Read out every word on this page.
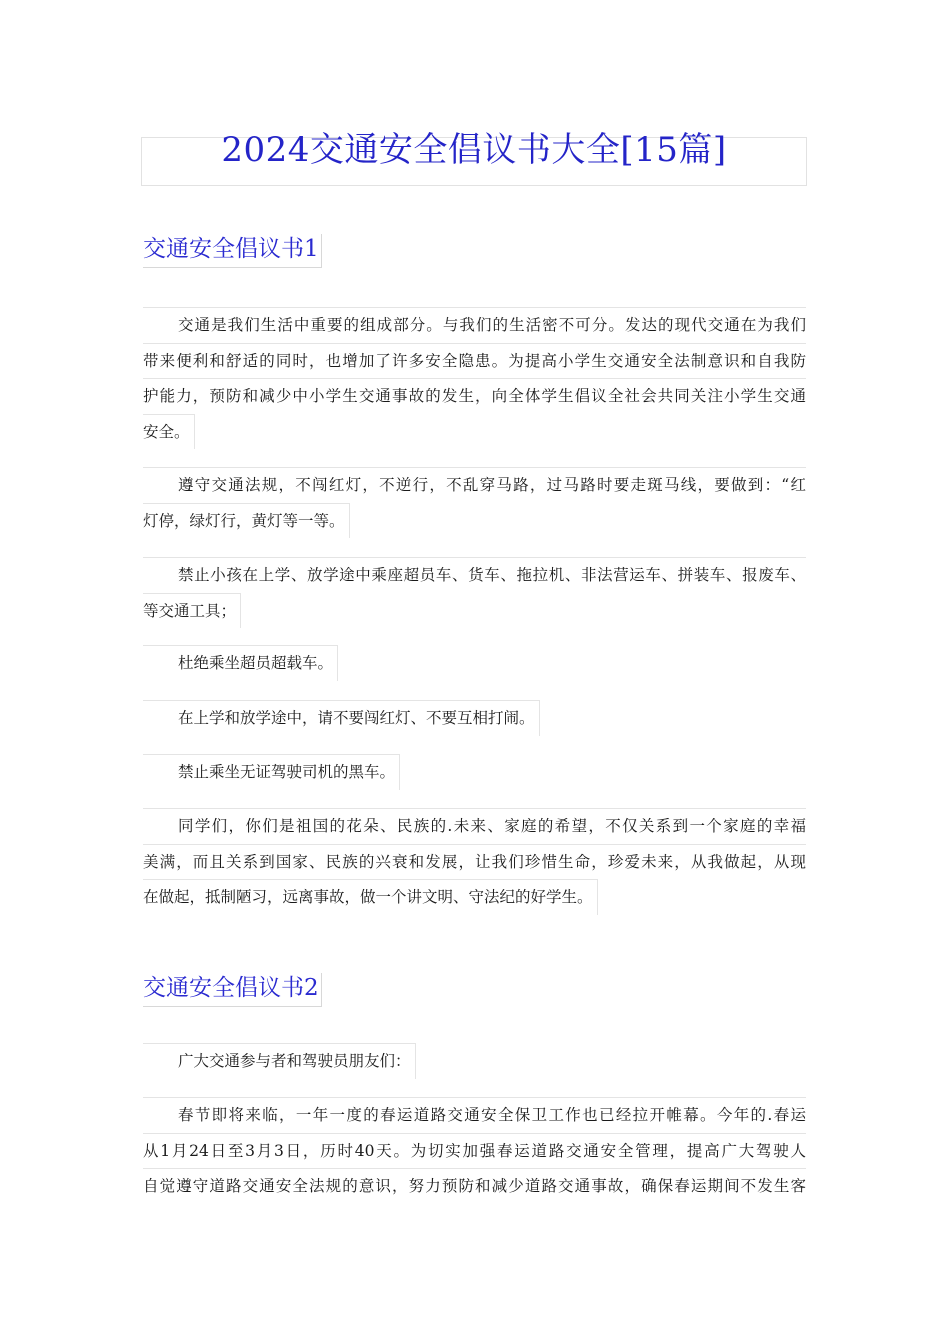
2024交通安全倡议书大全[15篇]
交通安全倡议书1
交通是我们生活中重要的组成部分。与我们的生活密不可分。发达的现代交通在为我们
带来便利和舒适的同时，也增加了许多安全隐患。为提高小学生交通安全法制意识和自我防
护能力，预防和减少中小学生交通事故的发生，向全体学生倡议全社会共同关注小学生交通
安全。
遵守交通法规，不闯红灯，不逆行，不乱穿马路，过马路时要走斑马线，要做到：“红
灯停，绿灯行，黄灯等一等。
禁止小孩在上学、放学途中乘座超员车、货车、拖拉机、非法营运车、拼装车、报废车、
等交通工具；
杜绝乘坐超员超载车。
在上学和放学途中，请不要闯红灯、不要互相打闹。
禁止乘坐无证驾驶司机的黑车。
同学们，你们是祖国的花朵、民族的.未来、家庭的希望，不仅关系到一个家庭的幸福
美满，而且关系到国家、民族的兴衰和发展，让我们珍惜生命，珍爱未来，从我做起，从现
在做起，抵制陋习，远离事故，做一个讲文明、守法纪的好学生。
交通安全倡议书2
广大交通参与者和驾驶员朋友们：
春节即将来临，一年一度的春运道路交通安全保卫工作也已经拉开帷幕。今年的.春运
从1月24日至3月3日，历时40天。为切实加强春运道路交通安全管理，提高广大驾驶人
自觉遵守道路交通安全法规的意识，努力预防和减少道路交通事故，确保春运期间不发生客
